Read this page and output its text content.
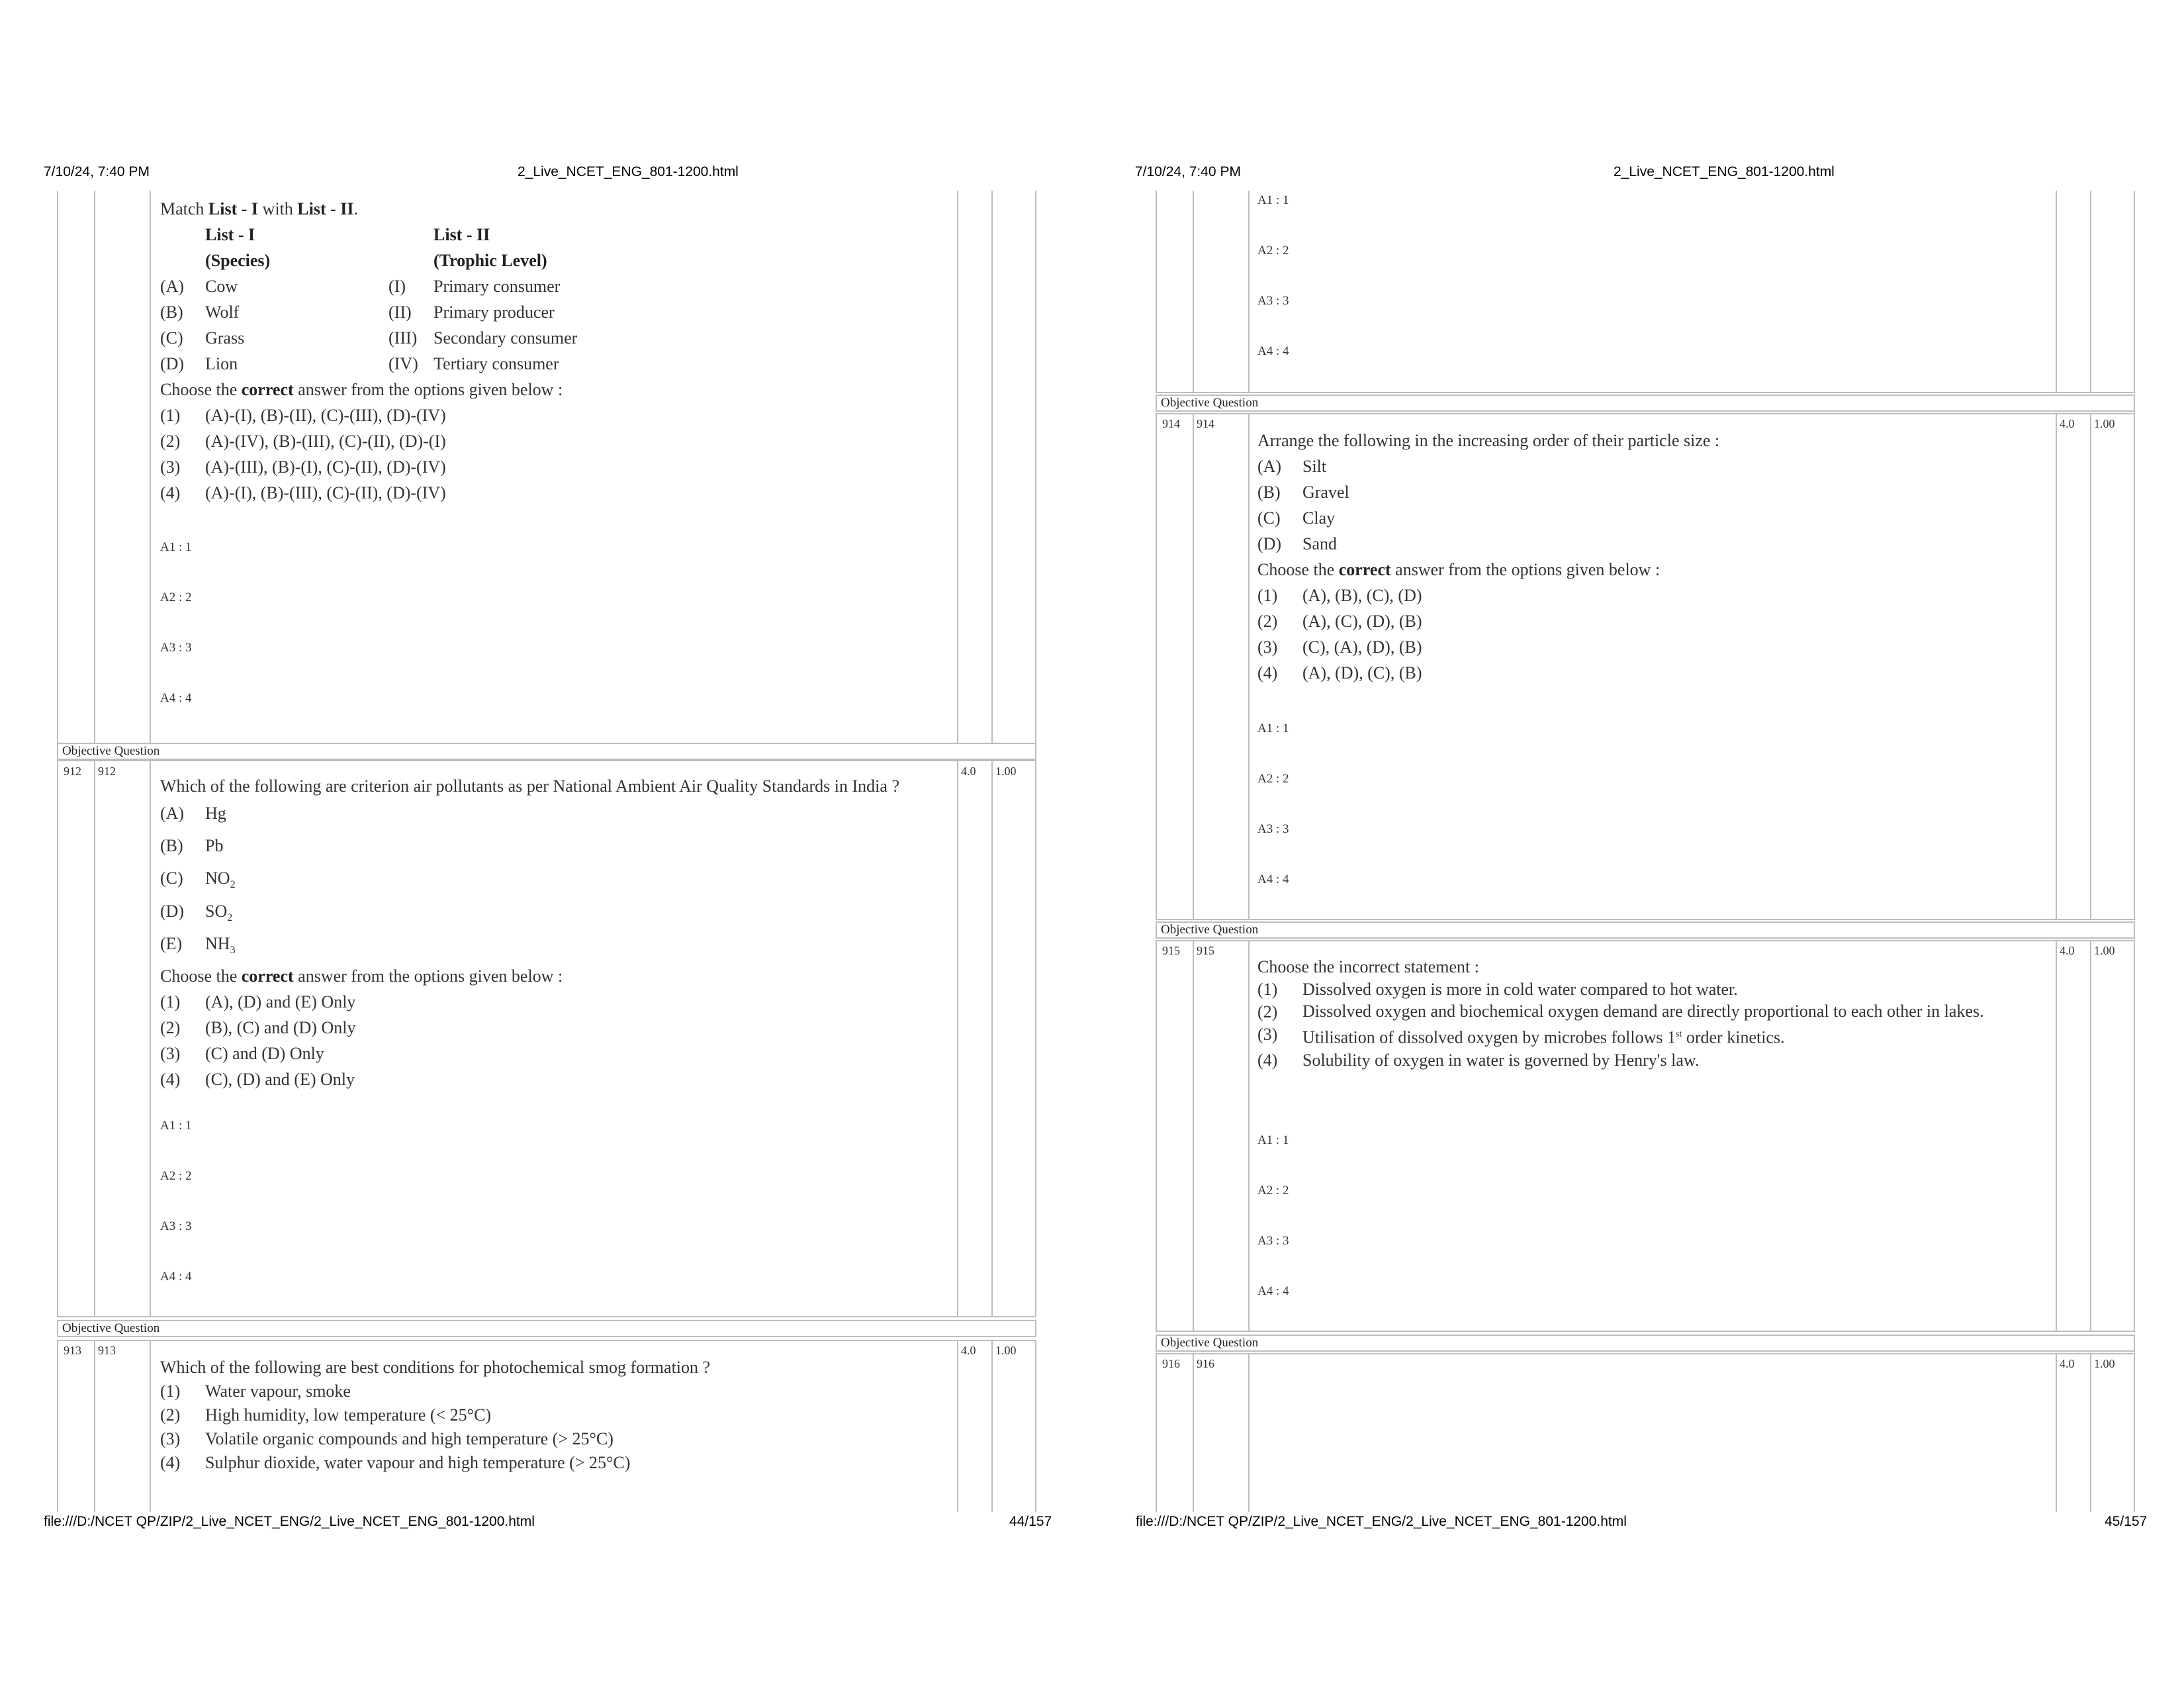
7/10/24, 7:40 PM	2_Live_NCET_ENG_801-1200.html
Match List - I with List - II.
List - I	List - II
(Species)	(Trophic Level)
(A)	Cow	(I)	Primary consumer
(B)	Wolf	(II)	Primary producer
(C)	Grass	(III) Secondary consumer
(D)	Lion	(IV) Tertiary consumer
Choose the correct answer from the options given below :
(1)	(A)-(I), (B)-(II), (C)-(III), (D)-(IV)
(2)	(A)-(IV), (B)-(III), (C)-(II), (D)-(I)
(3)	(A)-(III), (B)-(I), (C)-(II), (D)-(IV)
(4)	(A)-(I), (B)-(III), (C)-(II), (D)-(IV)
A1 : 1
A2 : 2
A3 : 3
A4 : 4
Objective Question
912 912	4.0 1.00
Which of the following are criterion air pollutants as per National Ambient Air Quality Standards in India ?
(A)	Hg
(B)	Pb
(C)	$NO_2$
(D)	$SO_2$
(E)	$NH_3$
Choose the correct answer from the options given below :
(1)	(A), (D) and (E) Only
(2)	(B), (C) and (D) Only
(3)	(C) and (D) Only
(4)	(C), (D) and (E) Only
A1 : 1
A2 : 2
A3 : 3
A4 : 4
Objective Question
913 913	4.0 1.00
Which of the following are best conditions for photochemical smog formation ?
(1)	Water vapour, smoke
(2)	High humidity, low temperature (< 25°C)
(3)	Volatile organic compounds and high temperature (> 25°C)
(4)	Sulphur dioxide, water vapour and high temperature (> 25°C)
file:///D:/NCET QP/ZIP/2_Live_NCET_ENG/2_Live_NCET_ENG_801-1200.html	44/157
7/10/24, 7:40 PM	2_Live_NCET_ENG_801-1200.html
A1 : 1
A2 : 2
A3 : 3
A4 : 4
Objective Question
914 914	4.0 1.00
Arrange the following in the increasing order of their particle size :
(A)	Silt
(B)	Gravel
(C)	Clay
(D)	Sand
Choose the correct answer from the options given below :
(1)	(A), (B), (C), (D)
(2)	(A), (C), (D), (B)
(3)	(C), (A), (D), (B)
(4)	(A), (D), (C), (B)
A1 : 1
A2 : 2
A3 : 3
A4 : 4
Objective Question
915 915	4.0 1.00
Choose the incorrect statement :
(1)	Dissolved oxygen is more in cold water compared to hot water.
(2)	Dissolved oxygen and biochemical oxygen demand are directly proportional to each other in lakes.
(3)	Utilisation of dissolved oxygen by microbes follows 1st order kinetics.
(4)	Solubility of oxygen in water is governed by Henry's law.
A1 : 1
A2 : 2
A3 : 3
A4 : 4
Objective Question
916 916	4.0 1.00
file:///D:/NCET QP/ZIP/2_Live_NCET_ENG/2_Live_NCET_ENG_801-1200.html	45/157
